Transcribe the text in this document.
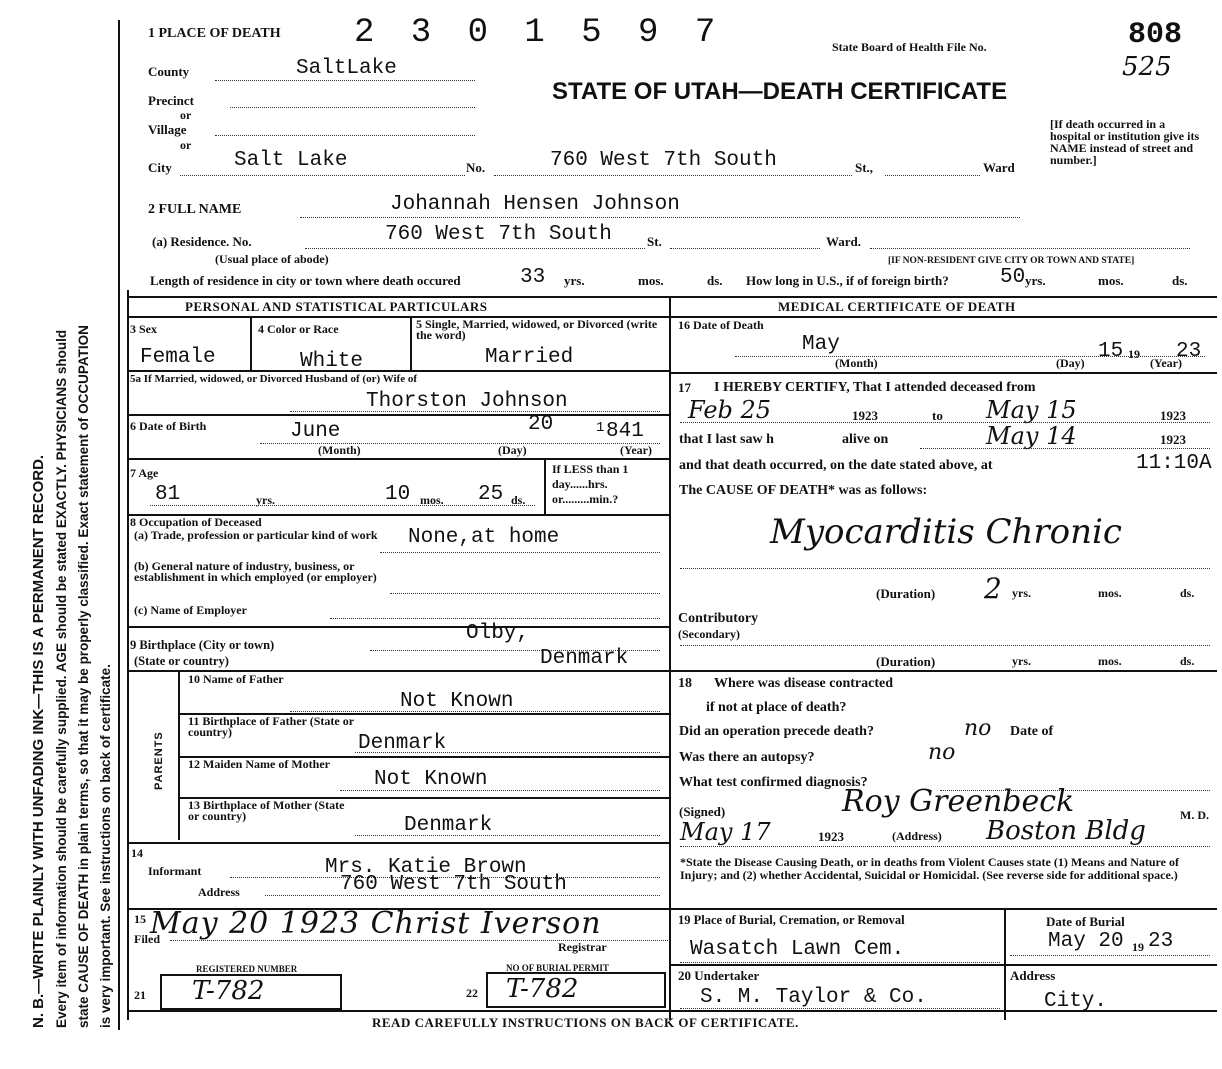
N. B.—WRITE PLAINLY WITH UNFADING INK—THIS IS A PERMANENT RECORD. Every item of information should be carefully supplied. AGE should be stated EXACTLY. PHYSICIANS should state CAUSE OF DEATH in plain terms, so that it may be properly classified. Exact statement of OCCUPATION is very important. See instructions on back of certificate.
1 PLACE OF DEATH 2 3 0 1 5 9 7	State Board of Health File No.	808
525
County	SaltLake
Precinct
or
Village
or
STATE OF UTAH—DEATH CERTIFICATE
City	Salt Lake	No.	760 West 7th South	St.,	Ward
[If death occurred in a hospital or institution give its NAME instead of street and number.]
2 FULL NAME	Johannah Hensen Johnson
(a) Residence. No.	760 West 7th South	St.	Ward.
(Usual place of abode)	[IF NON-RESIDENT GIVE CITY OR TOWN AND STATE]
Length of residence in city or town where death occured	33 yrs.	mos.	ds. How long in U.S., if of foreign birth? 50 yrs.	mos.	ds.
PERSONAL AND STATISTICAL PARTICULARS
3 Sex
Female
4 Color or Race
White
5 Single, Married, widowed, or Divorced (write the word)
Married
5a If Married, widowed, or Divorced Husband of (or) Wife of
Thorston Johnson
6 Date of Birth	June	20	1 841
(Month)	(Day)	(Year)
7 Age
81	yrs.	10 mos. 25 ds.
If LESS than 1 day......hrs. or.........min.?
8 Occupation of Deceased
(a) Trade, profession or particular kind of work	None,at home
(b) General nature of industry, business, or establishment in which employed (or employer)
(c) Name of Employer
9 Birthplace (City or town)
(State or country)
Olby,
Denmark
PARENTS
10 Name of Father
Not Known
11 Birthplace of Father (State or country)	Denmark
12 Maiden Name of Mother
Not Known
13 Birthplace of Mother (State or country)	Denmark
14
Informant	Mrs. Katie Brown
Address	760 West 7th South
15
Filed
May 20 1923 Christ Iverson
Registrar
REGISTERED NUMBER	NO OF BURIAL PERMIT
21 T-782	22 T-782
MEDICAL CERTIFICATE OF DEATH
16 Date of Death
May	15 19 23
(Month)	(Day)	(Year)
17 I HEREBY CERTIFY, That I attended deceased from
Feb 25	1923	to May 15	1923
that I last saw h	alive on	May 14	1923
and that death occurred, on the date stated above, at	11:10A
The CAUSE OF DEATH* was as follows:
Myocarditis Chronic
(Duration) 2 yrs.	mos.	ds.
Contributory
(Secondary)
(Duration)	yrs.	mos.	ds.
18 Where was disease contracted
if not at place of death?
Did an operation precede death?	no Date of
Was there an autopsy?	no
What test confirmed diagnosis?
(Signed)	Roy Greenbeck	M. D.
May 17	1923	(Address) Boston Bldg
*State the Disease Causing Death, or in deaths from Violent Causes state (1) Means and Nature of Injury; and (2) whether Accidental, Suicidal or Homicidal. (See reverse side for additional space.)
19 Place of Burial, Cremation, or Removal
Wasatch Lawn Cem.
Date of Burial
May 20 19 23
20 Undertaker
S. M. Taylor & Co.
Address
City.
READ CAREFULLY INSTRUCTIONS ON BACK OF CERTIFICATE.
